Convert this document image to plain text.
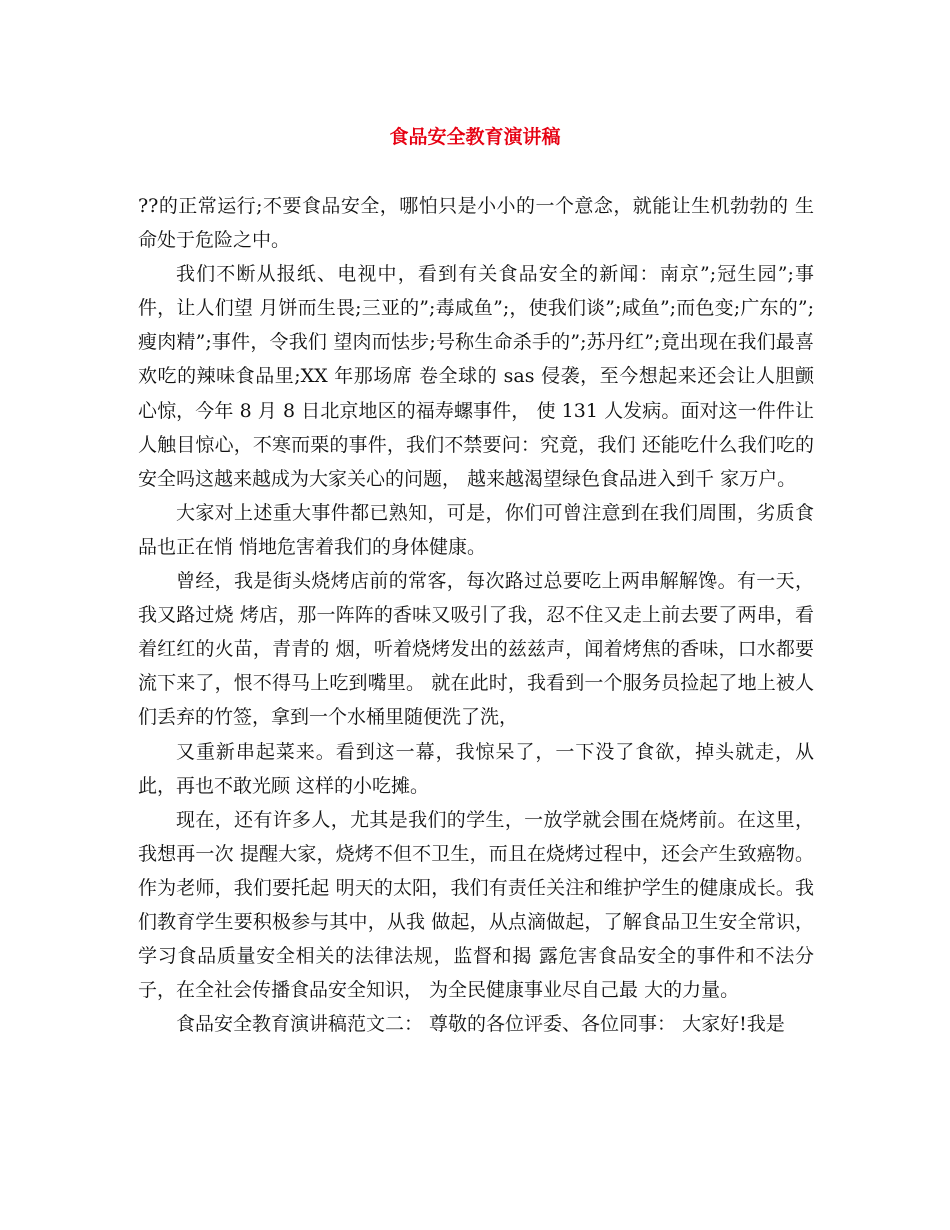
食品安全教育演讲稿

??的正常运行;不要食品安全，哪怕只是小小的一个意念，就能让生机勃勃的 生命处于危险之中。

我们不断从报纸、电视中，看到有关食品安全的新闻：南京”;冠生园”;事件，让人们望 月饼而生畏;三亚的”;毒咸鱼”;，使我们谈”;咸鱼”;而色变;广东的”;瘦肉精”;事件，令我们 望肉而怯步;号称生命杀手的”;苏丹红”;竟出现在我们最喜欢吃的辣味食品里;XX 年那场席 卷全球的 sas 侵袭，至今想起来还会让人胆颤心惊，今年 8 月 8 日北京地区的福寿螺事件， 使 131 人发病。面对这一件件让人触目惊心，不寒而栗的事件，我们不禁要问：究竟，我们 还能吃什么我们吃的安全吗这越来越成为大家关心的问题， 越来越渴望绿色食品进入到千 家万户。

大家对上述重大事件都已熟知，可是，你们可曾注意到在我们周围，劣质食品也正在悄 悄地危害着我们的身体健康。

曾经，我是街头烧烤店前的常客，每次路过总要吃上两串解解馋。有一天，我又路过烧 烤店，那一阵阵的香味又吸引了我，忍不住又走上前去要了两串，看着红红的火苗，青青的 烟，听着烧烤发出的兹兹声，闻着烤焦的香味，口水都要流下来了，恨不得马上吃到嘴里。 就在此时，我看到一个服务员捡起了地上被人们丢弃的竹签，拿到一个水桶里随便洗了洗，

又重新串起菜来。看到这一幕，我惊呆了，一下没了食欲，掉头就走，从此，再也不敢光顾 这样的小吃摊。

现在，还有许多人，尤其是我们的学生，一放学就会围在烧烤前。在这里，我想再一次 提醒大家，烧烤不但不卫生，而且在烧烤过程中，还会产生致癌物。作为老师，我们要托起 明天的太阳，我们有责任关注和维护学生的健康成长。我们教育学生要积极参与其中，从我 做起，从点滴做起，了解食品卫生安全常识，学习食品质量安全相关的法律法规，监督和揭 露危害食品安全的事件和不法分子，在全社会传播食品安全知识， 为全民健康事业尽自己最 大的力量。

食品安全教育演讲稿范文二： 尊敬的各位评委、各位同事： 大家好!我是
